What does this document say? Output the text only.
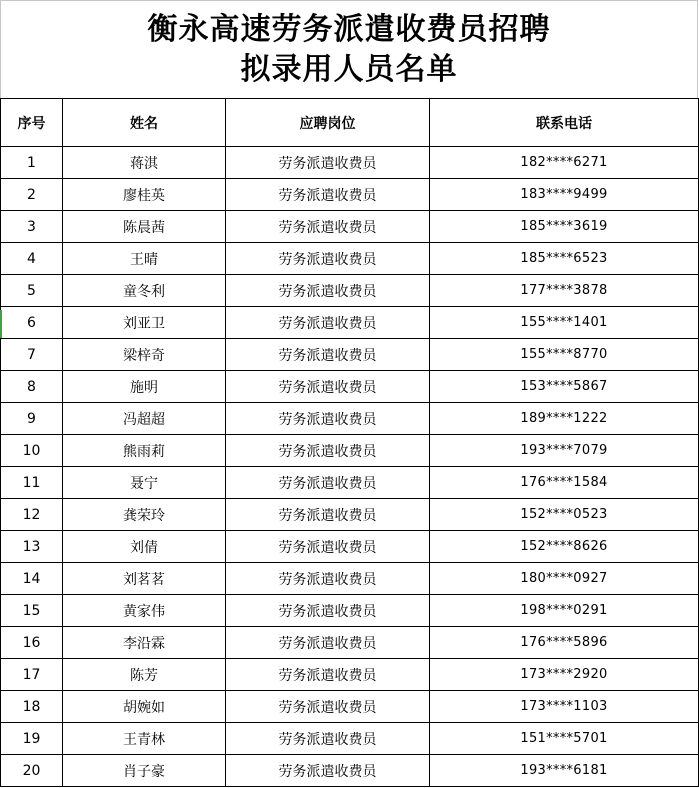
衡永高速劳务派遣收费员招聘
拟录用人员名单
序号	姓名	应聘岗位	联系电话
1	蒋淇	劳务派遣收费员	182****6271
2	廖桂英	劳务派遣收费员	183****9499
3	陈晨茜	劳务派遣收费员	185****3619
4	王晴	劳务派遣收费员	185****6523
5	童冬利	劳务派遣收费员	177****3878
6	刘亚卫	劳务派遣收费员	155****1401
7	梁梓奇	劳务派遣收费员	155****8770
8	施明	劳务派遣收费员	153****5867
9	冯超超	劳务派遣收费员	189****1222
10	熊雨莉	劳务派遣收费员	193****7079
11	聂宁	劳务派遣收费员	176****1584
12	龚荣玲	劳务派遣收费员	152****0523
13	刘倩	劳务派遣收费员	152****8626
14	刘茗茗	劳务派遣收费员	180****0927
15	黄家伟	劳务派遣收费员	198****0291
16	李沿霖	劳务派遣收费员	176****5896
17	陈芳	劳务派遣收费员	173****2920
18	胡婉如	劳务派遣收费员	173****1103
19	王青林	劳务派遣收费员	151****5701
20	肖子豪	劳务派遣收费员	193****6181
